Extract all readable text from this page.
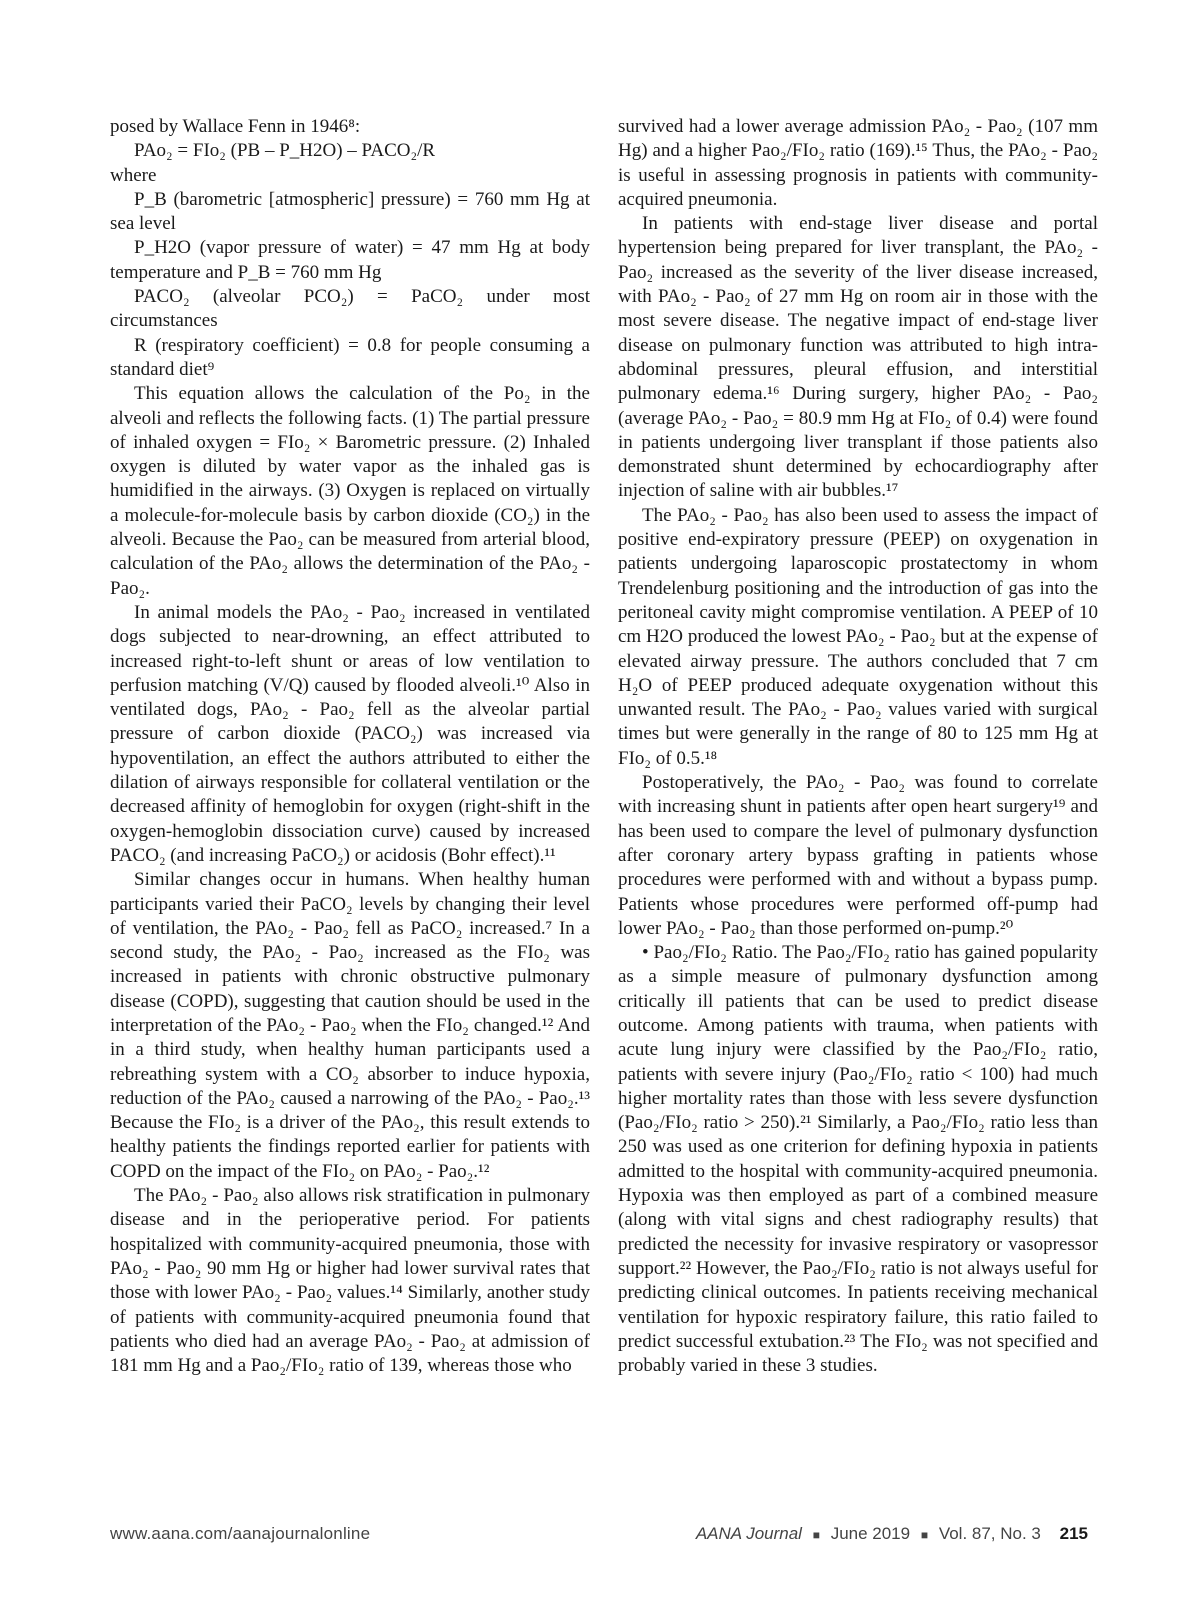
posed by Wallace Fenn in 1946⁸:

PAo₂ = FIo₂ (PB – P_H2O) – PACO₂/R

where

P_B (barometric [atmospheric] pressure) = 760 mm Hg at sea level

P_H2O (vapor pressure of water) = 47 mm Hg at body temperature and P_B = 760 mm Hg

PACO₂ (alveolar PCO₂) = PaCO₂ under most circumstances

R (respiratory coefficient) = 0.8 for people consuming a standard diet⁹

This equation allows the calculation of the Po₂ in the alveoli and reflects the following facts. (1) The partial pressure of inhaled oxygen = FIo₂ × Barometric pressure. (2) Inhaled oxygen is diluted by water vapor as the inhaled gas is humidified in the airways. (3) Oxygen is replaced on virtually a molecule-for-molecule basis by carbon dioxide (CO₂) in the alveoli. Because the Pao₂ can be measured from arterial blood, calculation of the PAo₂ allows the determination of the PAo₂ - Pao₂.

In animal models the PAo₂ - Pao₂ increased in ventilated dogs subjected to near-drowning, an effect attributed to increased right-to-left shunt or areas of low ventilation to perfusion matching (V/Q) caused by flooded alveoli.¹⁰ Also in ventilated dogs, PAo₂ - Pao₂ fell as the alveolar partial pressure of carbon dioxide (PACO₂) was increased via hypoventilation, an effect the authors attributed to either the dilation of airways responsible for collateral ventilation or the decreased affinity of hemoglobin for oxygen (right-shift in the oxygen-hemoglobin dissociation curve) caused by increased PACO₂ (and increasing PaCO₂) or acidosis (Bohr effect).¹¹

Similar changes occur in humans. When healthy human participants varied their PaCO₂ levels by changing their level of ventilation, the PAo₂ - Pao₂ fell as PaCO₂ increased.⁷ In a second study, the PAo₂ - Pao₂ increased as the FIo₂ was increased in patients with chronic obstructive pulmonary disease (COPD), suggesting that caution should be used in the interpretation of the PAo₂ - Pao₂ when the FIo₂ changed.¹² And in a third study, when healthy human participants used a rebreathing system with a CO₂ absorber to induce hypoxia, reduction of the PAo₂ caused a narrowing of the PAo₂ - Pao₂.¹³ Because the FIo₂ is a driver of the PAo₂, this result extends to healthy patients the findings reported earlier for patients with COPD on the impact of the FIo₂ on PAo₂ - Pao₂.¹²

The PAo₂ - Pao₂ also allows risk stratification in pulmonary disease and in the perioperative period. For patients hospitalized with community-acquired pneumonia, those with PAo₂ - Pao₂ 90 mm Hg or higher had lower survival rates that those with lower PAo₂ - Pao₂ values.¹⁴ Similarly, another study of patients with community-acquired pneumonia found that patients who died had an average PAo₂ - Pao₂ at admission of 181 mm Hg and a Pao₂/FIo₂ ratio of 139, whereas those who

survived had a lower average admission PAo₂ - Pao₂ (107 mm Hg) and a higher Pao₂/FIo₂ ratio (169).¹⁵ Thus, the PAo₂ - Pao₂ is useful in assessing prognosis in patients with community-acquired pneumonia.

In patients with end-stage liver disease and portal hypertension being prepared for liver transplant, the PAo₂ - Pao₂ increased as the severity of the liver disease increased, with PAo₂ - Pao₂ of 27 mm Hg on room air in those with the most severe disease. The negative impact of end-stage liver disease on pulmonary function was attributed to high intra-abdominal pressures, pleural effusion, and interstitial pulmonary edema.¹⁶ During surgery, higher PAo₂ - Pao₂ (average PAo₂ - Pao₂ = 80.9 mm Hg at FIo₂ of 0.4) were found in patients undergoing liver transplant if those patients also demonstrated shunt determined by echocardiography after injection of saline with air bubbles.¹⁷

The PAo₂ - Pao₂ has also been used to assess the impact of positive end-expiratory pressure (PEEP) on oxygenation in patients undergoing laparoscopic prostatectomy in whom Trendelenburg positioning and the introduction of gas into the peritoneal cavity might compromise ventilation. A PEEP of 10 cm H2O produced the lowest PAo₂ - Pao₂ but at the expense of elevated airway pressure. The authors concluded that 7 cm H₂O of PEEP produced adequate oxygenation without this unwanted result. The PAo₂ - Pao₂ values varied with surgical times but were generally in the range of 80 to 125 mm Hg at FIo₂ of 0.5.¹⁸

Postoperatively, the PAo₂ - Pao₂ was found to correlate with increasing shunt in patients after open heart surgery¹⁹ and has been used to compare the level of pulmonary dysfunction after coronary artery bypass grafting in patients whose procedures were performed with and without a bypass pump. Patients whose procedures were performed off-pump had lower PAo₂ - Pao₂ than those performed on-pump.²⁰

• Pao₂/FIo₂ Ratio. The Pao₂/FIo₂ ratio has gained popularity as a simple measure of pulmonary dysfunction among critically ill patients that can be used to predict disease outcome. Among patients with trauma, when patients with acute lung injury were classified by the Pao₂/FIo₂ ratio, patients with severe injury (Pao₂/FIo₂ ratio < 100) had much higher mortality rates than those with less severe dysfunction (Pao₂/FIo₂ ratio > 250).²¹ Similarly, a Pao₂/FIo₂ ratio less than 250 was used as one criterion for defining hypoxia in patients admitted to the hospital with community-acquired pneumonia. Hypoxia was then employed as part of a combined measure (along with vital signs and chest radiography results) that predicted the necessity for invasive respiratory or vasopressor support.²² However, the Pao₂/FIo₂ ratio is not always useful for predicting clinical outcomes. In patients receiving mechanical ventilation for hypoxic respiratory failure, this ratio failed to predict successful extubation.²³ The FIo₂ was not specified and probably varied in these 3 studies.

www.aana.com/aanajournalonline	AANA Journal ■ June 2019 ■ Vol. 87, No. 3 215
